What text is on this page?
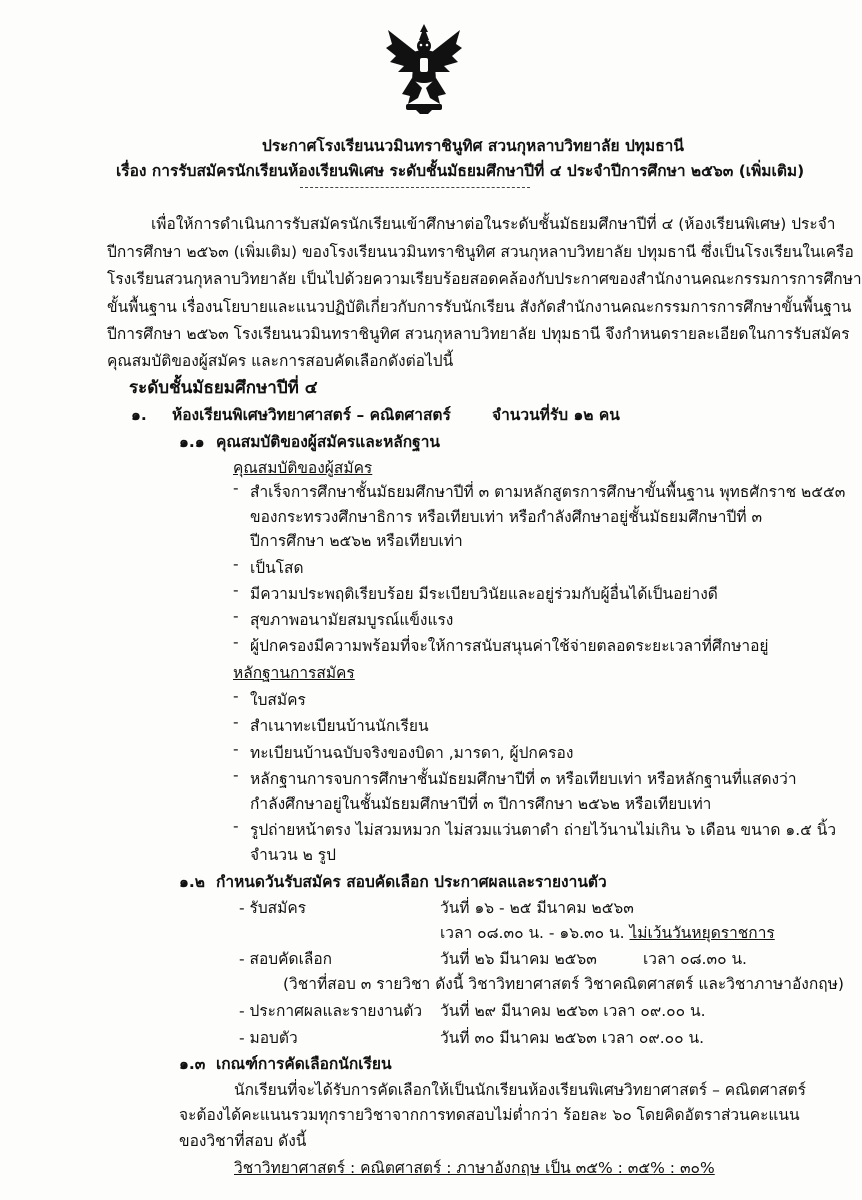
ประกาศโรงเรียนนวมินทราชินูทิศ สวนกุหลาบวิทยาลัย ปทุมธานี
เรื่อง การรับสมัครนักเรียนห้องเรียนพิเศษ ระดับชั้นมัธยมศึกษาปีที่ ๔ ประจำปีการศึกษา ๒๕๖๓ (เพิ่มเติม)
เพื่อให้การดำเนินการรับสมัครนักเรียนเข้าศึกษาต่อในระดับชั้นมัธยมศึกษาปีที่ ๔ (ห้องเรียนพิเศษ) ประจำ
ปีการศึกษา ๒๕๖๓ (เพิ่มเติม) ของโรงเรียนนวมินทราชินูทิศ สวนกุหลาบวิทยาลัย ปทุมธานี ซึ่งเป็นโรงเรียนในเครือ
โรงเรียนสวนกุหลาบวิทยาลัย เป็นไปด้วยความเรียบร้อยสอดคล้องกับประกาศของสำนักงานคณะกรรมการการศึกษา
ขั้นพื้นฐาน เรื่องนโยบายและแนวปฏิบัติเกี่ยวกับการรับนักเรียน สังกัดสำนักงานคณะกรรมการการศึกษาขั้นพื้นฐาน
ปีการศึกษา ๒๕๖๓ โรงเรียนนวมินทราชินูทิศ สวนกุหลาบวิทยาลัย ปทุมธานี จึงกำหนดรายละเอียดในการรับสมัคร
คุณสมบัติของผู้สมัคร และการสอบคัดเลือกดังต่อไปนี้
ระดับชั้นมัธยมศึกษาปีที่ ๔
๑. ห้องเรียนพิเศษวิทยาศาสตร์ – คณิตศาสตร์	จำนวนที่รับ ๑๒ คน
๑.๑ คุณสมบัติของผู้สมัครและหลักฐาน
คุณสมบัติของผู้สมัคร
- สำเร็จการศึกษาชั้นมัธยมศึกษาปีที่ ๓ ตามหลักสูตรการศึกษาขั้นพื้นฐาน พุทธศักราช ๒๕๕๓
ของกระทรวงศึกษาธิการ หรือเทียบเท่า หรือกำลังศึกษาอยู่ชั้นมัธยมศึกษาปีที่ ๓
ปีการศึกษา ๒๕๖๒ หรือเทียบเท่า
- เป็นโสด
- มีความประพฤติเรียบร้อย มีระเบียบวินัยและอยู่ร่วมกับผู้อื่นได้เป็นอย่างดี
- สุขภาพอนามัยสมบูรณ์แข็งแรง
- ผู้ปกครองมีความพร้อมที่จะให้การสนับสนุนค่าใช้จ่ายตลอดระยะเวลาที่ศึกษาอยู่
หลักฐานการสมัคร
- ใบสมัคร
- สำเนาทะเบียนบ้านนักเรียน
- ทะเบียนบ้านฉบับจริงของบิดา ,มารดา, ผู้ปกครอง
- หลักฐานการจบการศึกษาชั้นมัธยมศึกษาปีที่ ๓ หรือเทียบเท่า หรือหลักฐานที่แสดงว่า
กำลังศึกษาอยู่ในชั้นมัธยมศึกษาปีที่ ๓ ปีการศึกษา ๒๕๖๒ หรือเทียบเท่า
- รูปถ่ายหน้าตรง ไม่สวมหมวก ไม่สวมแว่นตาดำ ถ่ายไว้นานไม่เกิน ๖ เดือน ขนาด ๑.๕ นิ้ว
จำนวน ๒ รูป
๑.๒ กำหนดวันรับสมัคร สอบคัดเลือก ประกาศผลและรายงานตัว
- รับสมัคร	วันที่ ๑๖ - ๒๕ มีนาคม ๒๕๖๓
เวลา ๐๘.๓๐ น. - ๑๖.๓๐ น. ไม่เว้นวันหยุดราชการ
- สอบคัดเลือก	วันที่ ๒๖ มีนาคม ๒๕๖๓	เวลา ๐๘.๓๐ น.
(วิชาที่สอบ ๓ รายวิชา ดังนี้ วิชาวิทยาศาสตร์ วิชาคณิตศาสตร์ และวิชาภาษาอังกฤษ)
- ประกาศผลและรายงานตัว วันที่ ๒๙ มีนาคม ๒๕๖๓ เวลา ๐๙.๐๐ น.
- มอบตัว	วันที่ ๓๐ มีนาคม ๒๕๖๓ เวลา ๐๙.๐๐ น.
๑.๓ เกณฑ์การคัดเลือกนักเรียน
นักเรียนที่จะได้รับการคัดเลือกให้เป็นนักเรียนห้องเรียนพิเศษวิทยาศาสตร์ – คณิตศาสตร์
จะต้องได้คะแนนรวมทุกรายวิชาจากการทดสอบไม่ต่ำกว่า ร้อยละ ๖๐ โดยคิดอัตราส่วนคะแนน
ของวิชาที่สอบ ดังนี้
วิชาวิทยาศาสตร์ : คณิตศาสตร์ : ภาษาอังกฤษ เป็น ๓๕% : ๓๕% : ๓๐%
